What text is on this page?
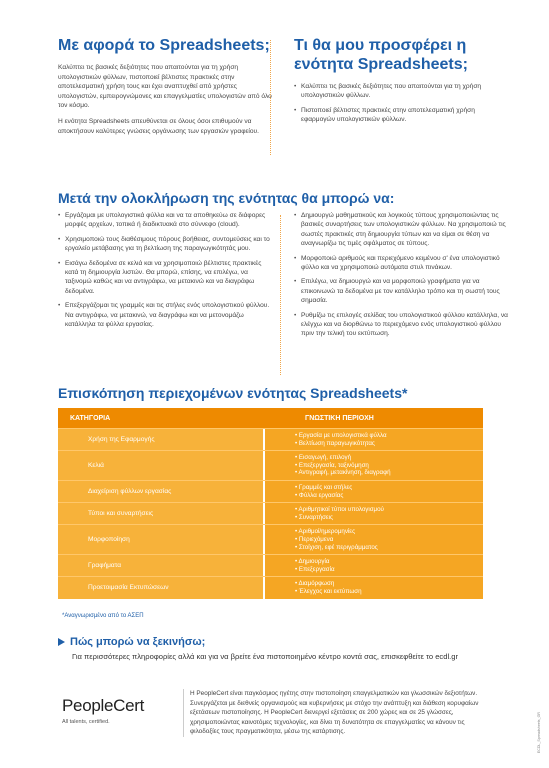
Με αφορά το Spreadsheets;

Καλύπτει τις βασικές δεξιότητες που απαιτούνται για τη χρήση υπολογιστικών φύλλων, πιστοποιεί βέλτιστες πρακτικές στην αποτελεσματική χρήση τους και έχει αναπτυχθεί από χρήστες υπολογιστών, εμπειρογνώμονες και επαγγελματίες υπολογιστών από όλο τον κόσμο.

Η ενότητα Spreadsheets απευθύνεται σε όλους όσοι επιθυμούν να αποκτήσουν καλύτερες γνώσεις οργάνωσης των εργασιών γραφείου.

Τι θα μου προσφέρει η ενότητα Spreadsheets;
• Καλύπτει τις βασικές δεξιότητες που απαιτούνται για τη χρήση υπολογιστικών φύλλων.
• Πιστοποιεί βέλτιστες πρακτικές στην αποτελεσματική χρήση εφαρμογών υπολογιστικών φύλλων.
Μετά την ολοκλήρωση της ενότητας θα μπορώ να:
• Εργάζομαι με υπολογιστικά φύλλα και να τα αποθηκεύω σε διάφορες μορφές αρχείων, τοπικά ή διαδικτυακά στο σύννεφο (cloud).
• Χρησιμοποιώ τους διαθέσιμους πόρους βοήθειας, συντομεύσεις και το εργαλείο μετάβασης για τη βελτίωση της παραγωγικότητάς μου.
• Εισάγω δεδομένα σε κελιά και να χρησιμοποιώ βέλτιστες πρακτικές κατά τη δημιουργία λιστών. Θα μπορώ, επίσης, να επιλέγω, να ταξινομώ καθώς και να αντιγράφω, να μετακινώ και να διαγράφω δεδομένα.
• Επεξεργάζομαι τις γραμμές και τις στήλες ενός υπολογιστικού φύλλου. Να αντιγράφω, να μετακινώ, να διαγράφω και να μετονομάζω κατάλληλα τα φύλλα εργασίας.
• Δημιουργώ μαθηματικούς και λογικούς τύπους χρησιμοποιώντας τις βασικές συναρτήσεις των υπολογιστικών φύλλων. Να χρησιμοποιώ τις σωστές πρακτικές στη δημιουργία τύπων και να είμαι σε θέση να αναγνωρίζω τις τιμές σφάλματος σε τύπους.
• Μορφοποιώ αριθμούς και περιεχόμενο κειμένου σ' ένα υπολογιστικό φύλλο και να χρησιμοποιώ αυτόματα στυλ πινάκων.
• Επιλέγω, να δημιουργώ και να μορφοποιώ γραφήματα για να επικοινωνώ τα δεδομένα με τον κατάλληλο τρόπο και τη σωστή τους σημασία.
• Ρυθμίζω τις επιλογές σελίδας του υπολογιστικού φύλλου κατάλληλα, να ελέγχω και να διορθώνω το περιεχόμενο ενός υπολογιστικού φύλλου πριν την τελική του εκτύπωση.
Επισκόπηση περιεχομένων ενότητας Spreadsheets*
ΚΑΤΗΓΟΡΙΑ	ΓΝΩΣΤΙΚΗ ΠΕΡΙΟΧΗ
Χρήση της Εφαρμογής
• Εργασία με υπολογιστικά φύλλα
• Βελτίωση παραγωγικότητας
Κελιά
• Εισαγωγή, επιλογή
• Επεξεργασία, ταξινόμηση
• Αντιγραφή, μετακίνηση, διαγραφή
Διαχείριση φύλλων εργασίας
• Γραμμές και στήλες
• Φύλλα εργασίας
Τύποι και συναρτήσεις
• Αριθμητικοί τύποι υπολογισμού
• Συναρτήσεις
Μορφοποίηση
• Αριθμοί/ημερομηνίες
• Περιεχόμενα
• Στοίχιση, εφέ περιγράμματος
Γραφήματα
• Δημιουργία
• Επεξεργασία
Προετοιμασία Εκτυπώσεων
• Διαμόρφωση
• Έλεγχος και εκτύπωση
*Αναγνωρισμένο από το ΑΣΕΠ
Πώς μπορώ να ξεκινήσω;
Για περισσότερες πληροφορίες αλλά και για να βρείτε ένα πιστοποιημένο κέντρο κοντά σας, επισκεφθείτε το ecdl.gr
PeopleCert
All talents, certified.
Η PeopleCert είναι παγκόσμιος ηγέτης στην πιστοποίηση επαγγελματικών και γλωσσικών δεξιοτήτων. Συνεργάζεται με διεθνείς οργανισμούς και κυβερνήσεις με στόχο την ανάπτυξη και διάθεση κορυφαίων εξετάσεων πιστοποίησης. Η PeopleCert διενεργεί εξετάσεις σε 200 χώρες και σε 25 γλώσσες, χρησιμοποιώντας καινοτόμες τεχνολογίες, και δίνει τη δυνατότητα σε επαγγελματίες να κάνουν τις φιλοδοξίες τους πραγματικότητα, μέσω της κατάρτισης.	ECDL_Spreadsheets_GR
